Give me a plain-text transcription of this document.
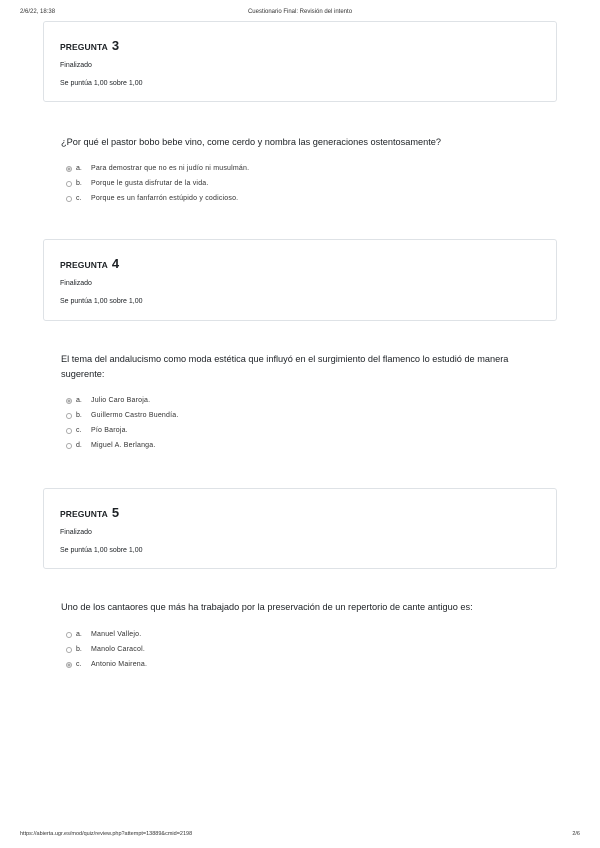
2/6/22, 18:38	Cuestionario Final: Revisión del intento
PREGUNTA 3
Finalizado
Se puntúa 1,00 sobre 1,00
¿Por qué el pastor bobo bebe vino, come cerdo y nombra las generaciones ostentosamente?
a.	Para demostrar que no es ni judío ni musulmán.
b.	Porque le gusta disfrutar de la vida.
c.	Porque es un fanfarrón estúpido y codicioso.
PREGUNTA 4
Finalizado
Se puntúa 1,00 sobre 1,00
El tema del andalucismo como moda estética que influyó en el surgimiento del flamenco lo estudió de manera sugerente:
a.	Julio Caro Baroja.
b.	Guillermo Castro Buendía.
c.	Pío Baroja.
d.	Miguel A. Berlanga.
PREGUNTA 5
Finalizado
Se puntúa 1,00 sobre 1,00
Uno de los cantaores que más ha trabajado por la preservación de un repertorio de cante antiguo es:
a.	Manuel Vallejo.
b.	Manolo Caracol.
c.	Antonio Mairena.
https://abierta.ugr.es/mod/quiz/review.php?attempt=13889&cmid=2198	2/6
